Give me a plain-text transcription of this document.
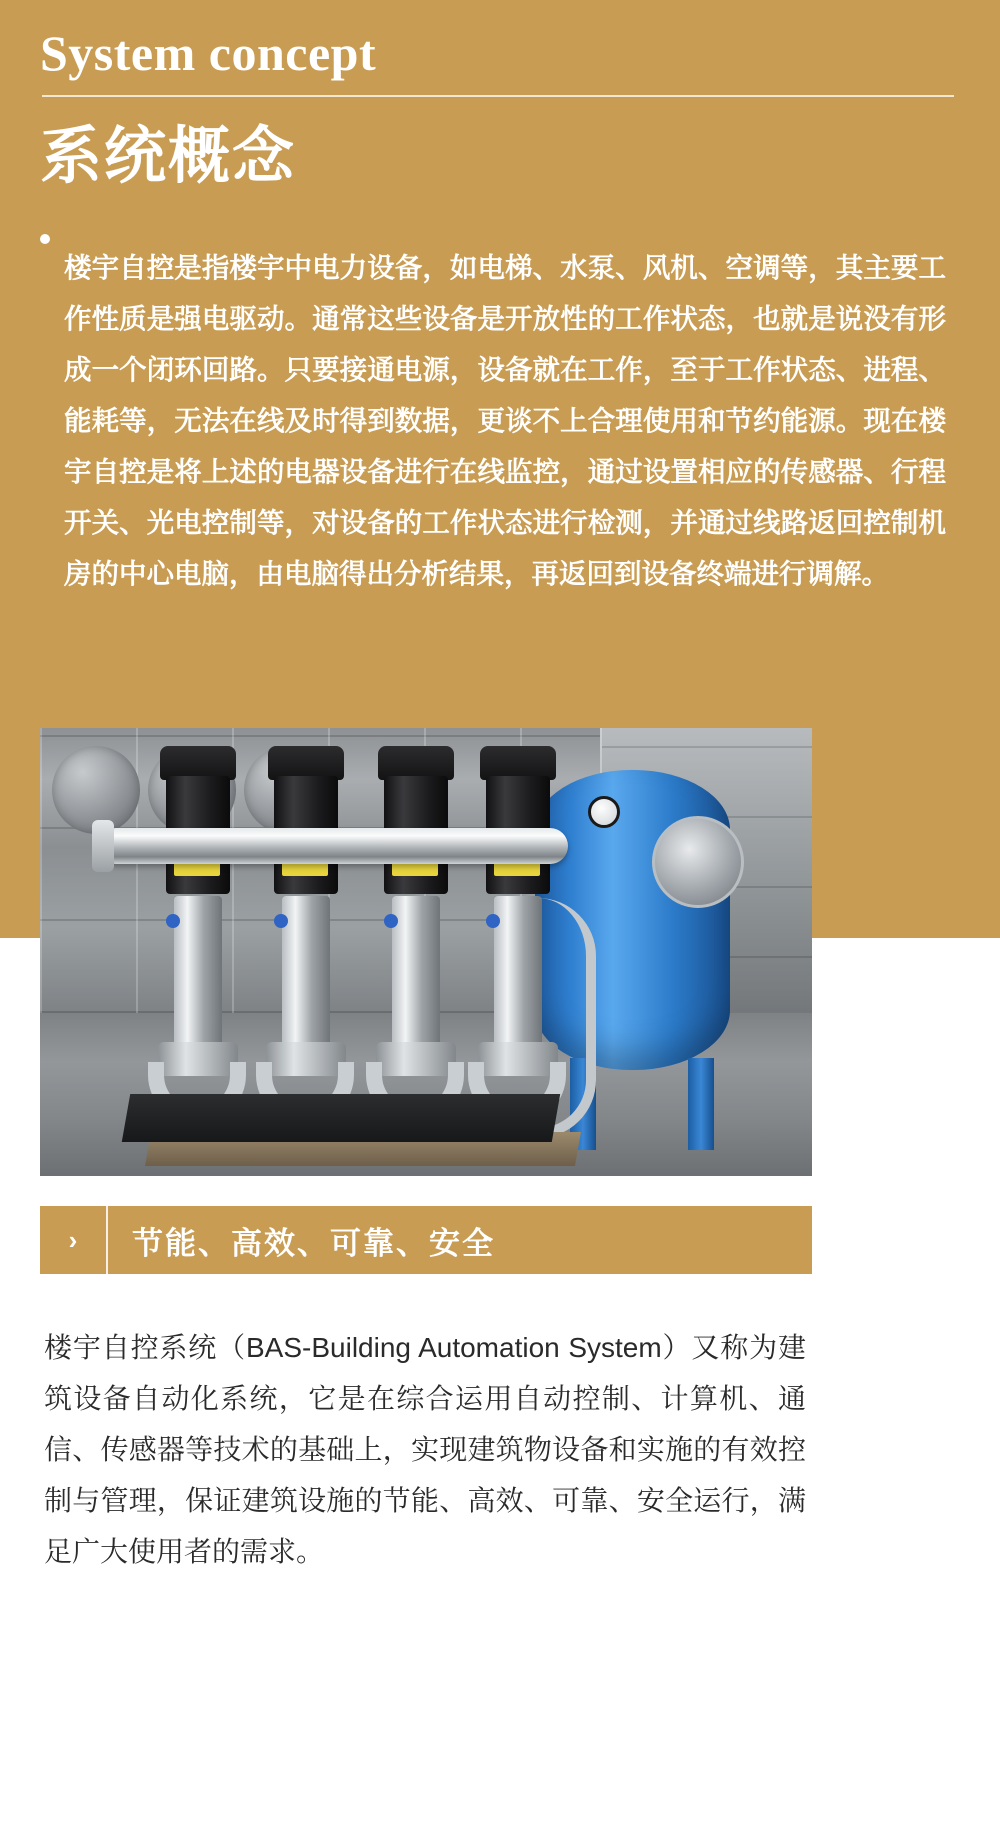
System concept
系统概念

楼宇自控是指楼宇中电力设备，如电梯、水泵、风机、空调等，其主要工作性质是强电驱动。通常这些设备是开放性的工作状态，也就是说没有形成一个闭环回路。只要接通电源，设备就在工作，至于工作状态、进程、能耗等，无法在线及时得到数据，更谈不上合理使用和节约能源。现在楼宇自控是将上述的电器设备进行在线监控，通过设置相应的传感器、行程开关、光电控制等，对设备的工作状态进行检测，并通过线路返回控制机房的中心电脑，由电脑得出分析结果，再返回到设备终端进行调解。

›	节能、高效、可靠、安全

楼宇自控系统（BAS-Building Automation System）又称为建筑设备自动化系统，它是在综合运用自动控制、计算机、通信、传感器等技术的基础上，实现建筑物设备和实施的有效控制与管理，保证建筑设施的节能、高效、可靠、安全运行，满足广大使用者的需求。
